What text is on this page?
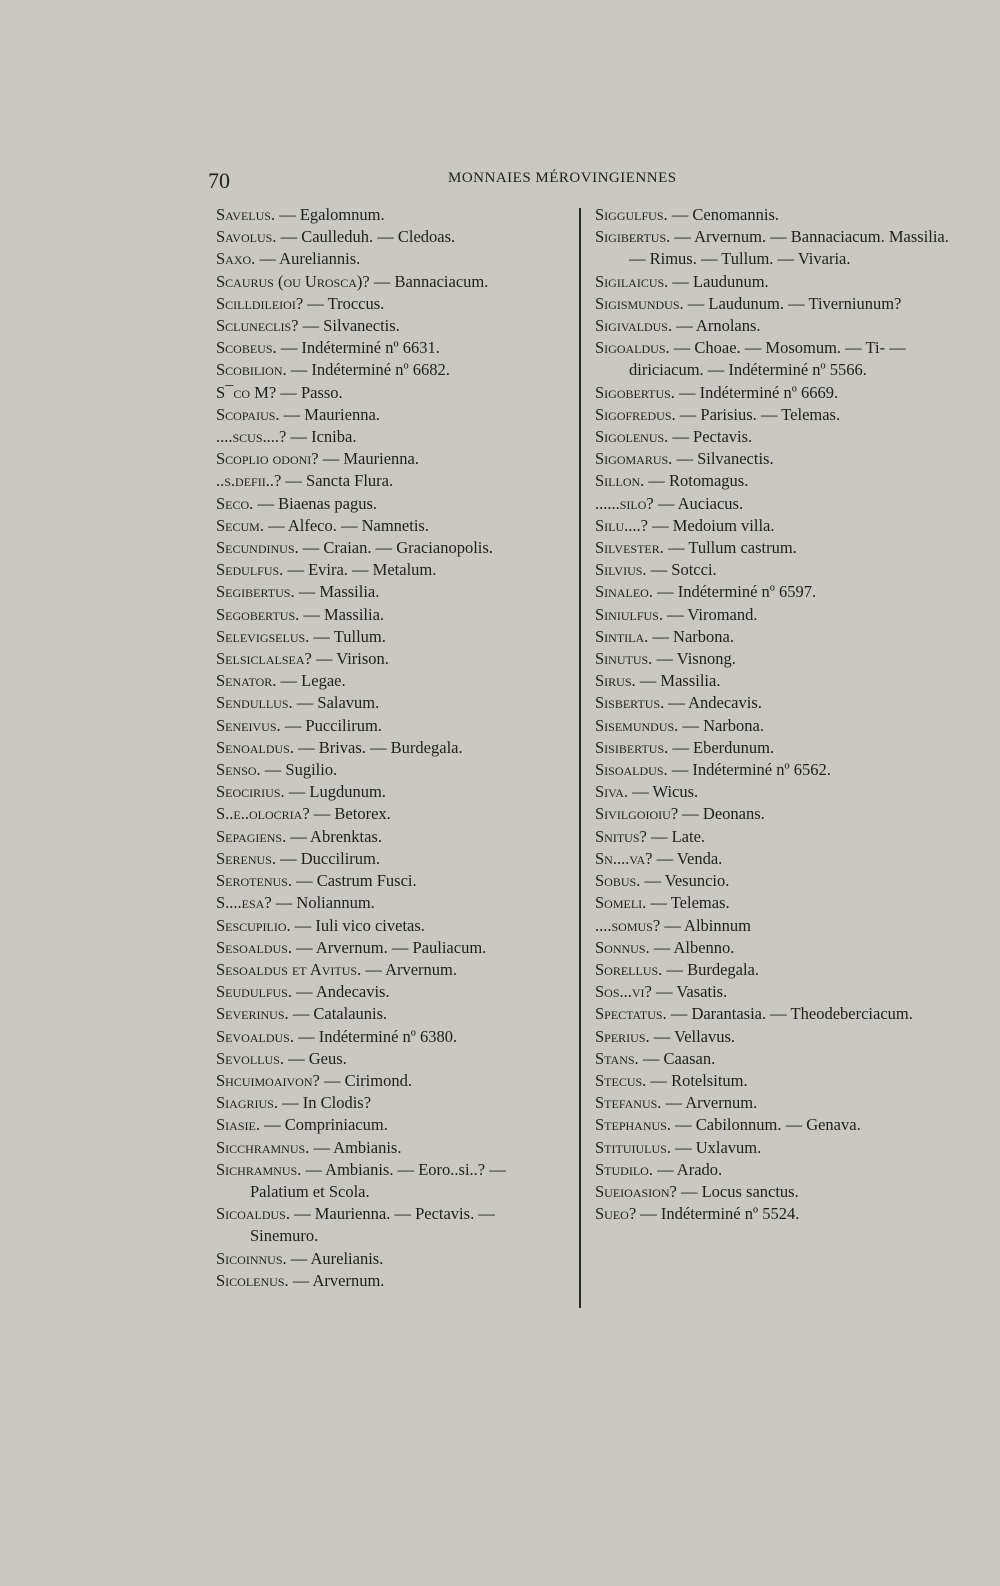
70	MONNAIES MÉROVINGIENNES
Savelus. — Egalomnum.
Savolus. — Caulleduh. — Cledoas.
Saxo. — Aureliannis.
Scaurus (ou Urosca)? — Bannaciacum.
Scilldileioi? — Troccus.
Sclunecl‌is? — Silvanectis.
Scobeus. — Indéterminé nº 6631.
Scobilion. — Indéterminé nº 6682.
S¯co M? — Passo.
Scopaius. — Maurienna.
....scus....? — Icniba.
Scoplio odoni? — Maurienna.
..s.defii..? — Sancta Flura.
Seco. — Biaenas pagus.
Secum. — Alfeco. — Namnetis.
Secundinus. — Craian. — Gracianopolis.
Sedulfus. — Evira. — Metalum.
Segibertus. — Massilia.
Segobertus. — Massilia.
Selevigselus. — Tullum.
Selsiclalsea? — Virison.
Senator. — Legae.
Sendullus. — Salavum.
Seneivus. — Puccilirum.
Senoaldus. — Brivas. — Burdegala.
Senso. — Sugilio.
Seocirius. — Lugdunum.
S..e..olocria? — Betorex.
Sepagiens. — Abrenktas.
Serenus. — Duccilirum.
Serotenus. — Castrum Fusci.
S....esa? — Noliannum.
Sescupilio. — Iuli vico civetas.
Sesoaldus. — Arvernum. — Pauliacum.
Sesoaldus et Avitus. — Arvernum.
Seudulfus. — Andecavis.
Severinus. — Catalaunis.
Sevoaldus. — Indéterminé nº 6380.
Sevollus. — Geus.
Shcuimoaivon? — Cirimond.
Siagrius. — In Clodis?
Siasie. — Compriniacum.
Sicchramnus. — Ambianis.
Sichramnus. — Ambianis. — Eoro..si..? — Palatium et Scola.
Sicoaldus. — Maurienna. — Pectavis. — Sinemuro.
Sicoinnus. — Aurelianis.
Sicolenus. — Arvernum.
Siggulfus. — Cenomannis.
Sigibertus. — Arvernum. — Bannaciacum. Massilia. — Rimus. — Tullum. — Vivaria.
Sigilaicus. — Laudunum.
Sigismundus. — Laudunum. — Tiverniunum?
Sigivaldus. — Arnolans.
Sigoaldus. — Choae. — Mosomum. — Ti- — diriciacum. — Indéterminé nº 5566.
Sigobertus. — Indéterminé nº 6669.
Sigofredus. — Parisius. — Telemas.
Sigolenus. — Pectavis.
Sigomarus. — Silvanectis.
Sillon. — Rotomagus.
......silo? — Auciacus.
Silu....? — Medoium villa.
Silvester. — Tullum castrum.
Silvius. — Sotcci.
Sinaleo. — Indéterminé nº 6597.
Siniulfus. — Viromand.
Sintila. — Narbona.
Sinutus. — Visnong.
Sirus. — Massilia.
Sisbertus. — Andecavis.
Sisemundus. — Narbona.
Sisibertus. — Eberdunum.
Sisoaldus. — Indéterminé nº 6562.
Siva. — Wicus.
Sivilgoioiu? — Deonans.
Snitus? — Late.
Sn....va? — Venda.
Sobus. — Vesuncio.
Someli. — Telemas.
....somus? — Albinnum
Sonnus. — Albenno.
Sorellus. — Burdegala.
Sos...vi? — Vasatis.
Spectatus. — Darantasia. — Theodeberciacum.
Sperius. — Vellavus.
Stans. — Caasan.
Stecus. — Rotelsitum.
Stefanus. — Arvernum.
Stephanus. — Cabilonnum. — Genava.
Stituiulus. — Uxlavum.
Studilo. — Arado.
Sueioasion? — Locus sanctus.
Sueo? — Indéterminé nº 5524.
